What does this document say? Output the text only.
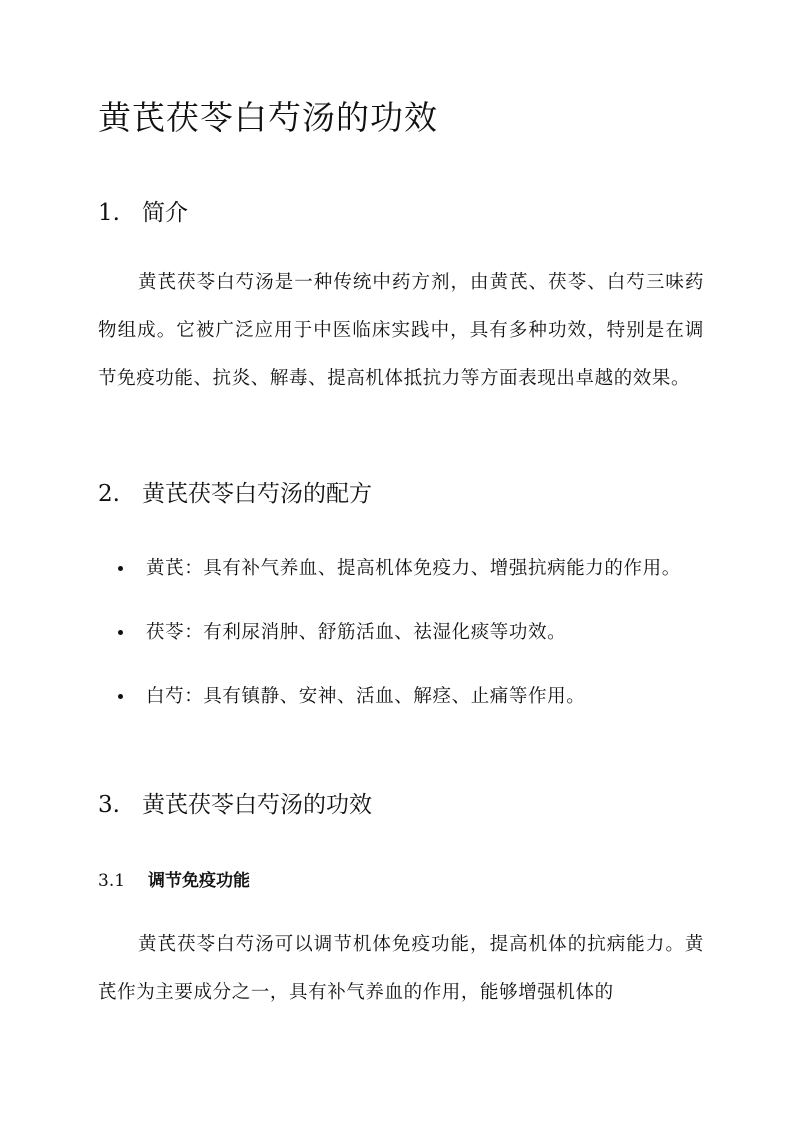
黄芪茯苓白芍汤的功效
1. 简介

黄芪茯苓白芍汤是一种传统中药方剂，由黄芪、茯苓、白芍三味药物组成。它被广泛应用于中医临床实践中，具有多种功效，特别是在调节免疫功能、抗炎、解毒、提高机体抵抗力等方面表现出卓越的效果。

2. 黄芪茯苓白芍汤的配方
黄芪：具有补气养血、提高机体免疫力、增强抗病能力的作用。
茯苓：有利尿消肿、舒筋活血、祛湿化痰等功效。
白芍：具有镇静、安神、活血、解痉、止痛等作用。
3. 黄芪茯苓白芍汤的功效
3.1 调节免疫功能

黄芪茯苓白芍汤可以调节机体免疫功能，提高机体的抗病能力。黄芪作为主要成分之一，具有补气养血的作用，能够增强机体的
